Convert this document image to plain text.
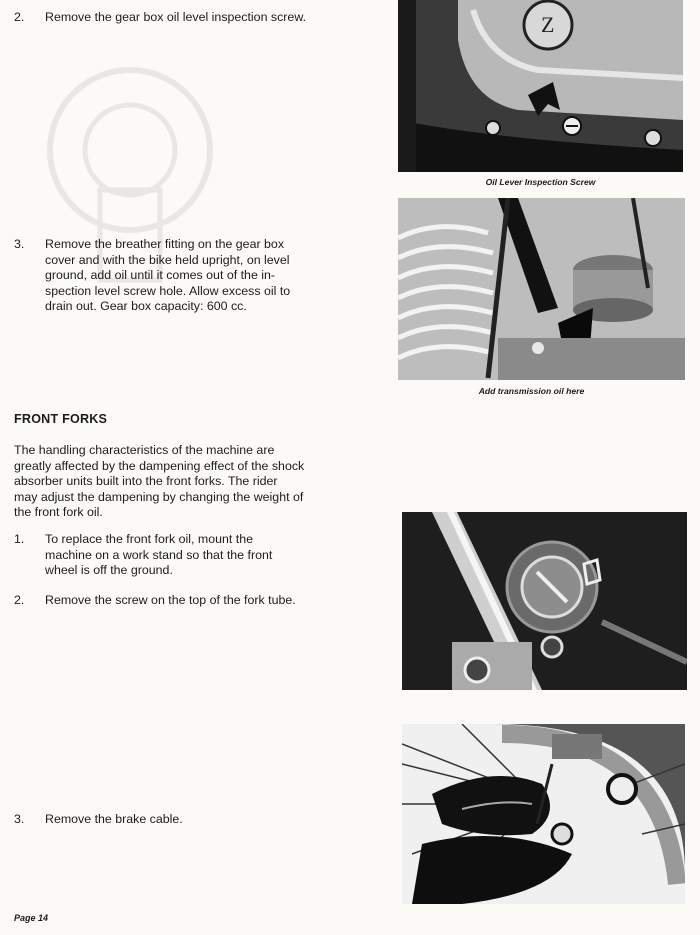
2. Remove the gear box oil level inspection screw.
3. Remove the breather fitting on the gear box
cover and with the bike held upright, on level
ground, add oil until it comes out of the in-
spection level screw hole. Allow excess oil to
drain out. Gear box capacity: 600 cc.
FRONT FORKS
The handling characteristics of the machine are
greatly affected by the dampening effect of the shock
absorber units built into the front forks. The rider
may adjust the dampening by changing the weight of
the front fork oil.
1. To replace the front fork oil, mount the
machine on a work stand so that the front
wheel is off the ground.
2. Remove the screw on the top of the fork tube.
3. Remove the brake cable.
Z
Oil Lever Inspection Screw
Add transmission oil here
Page 14
